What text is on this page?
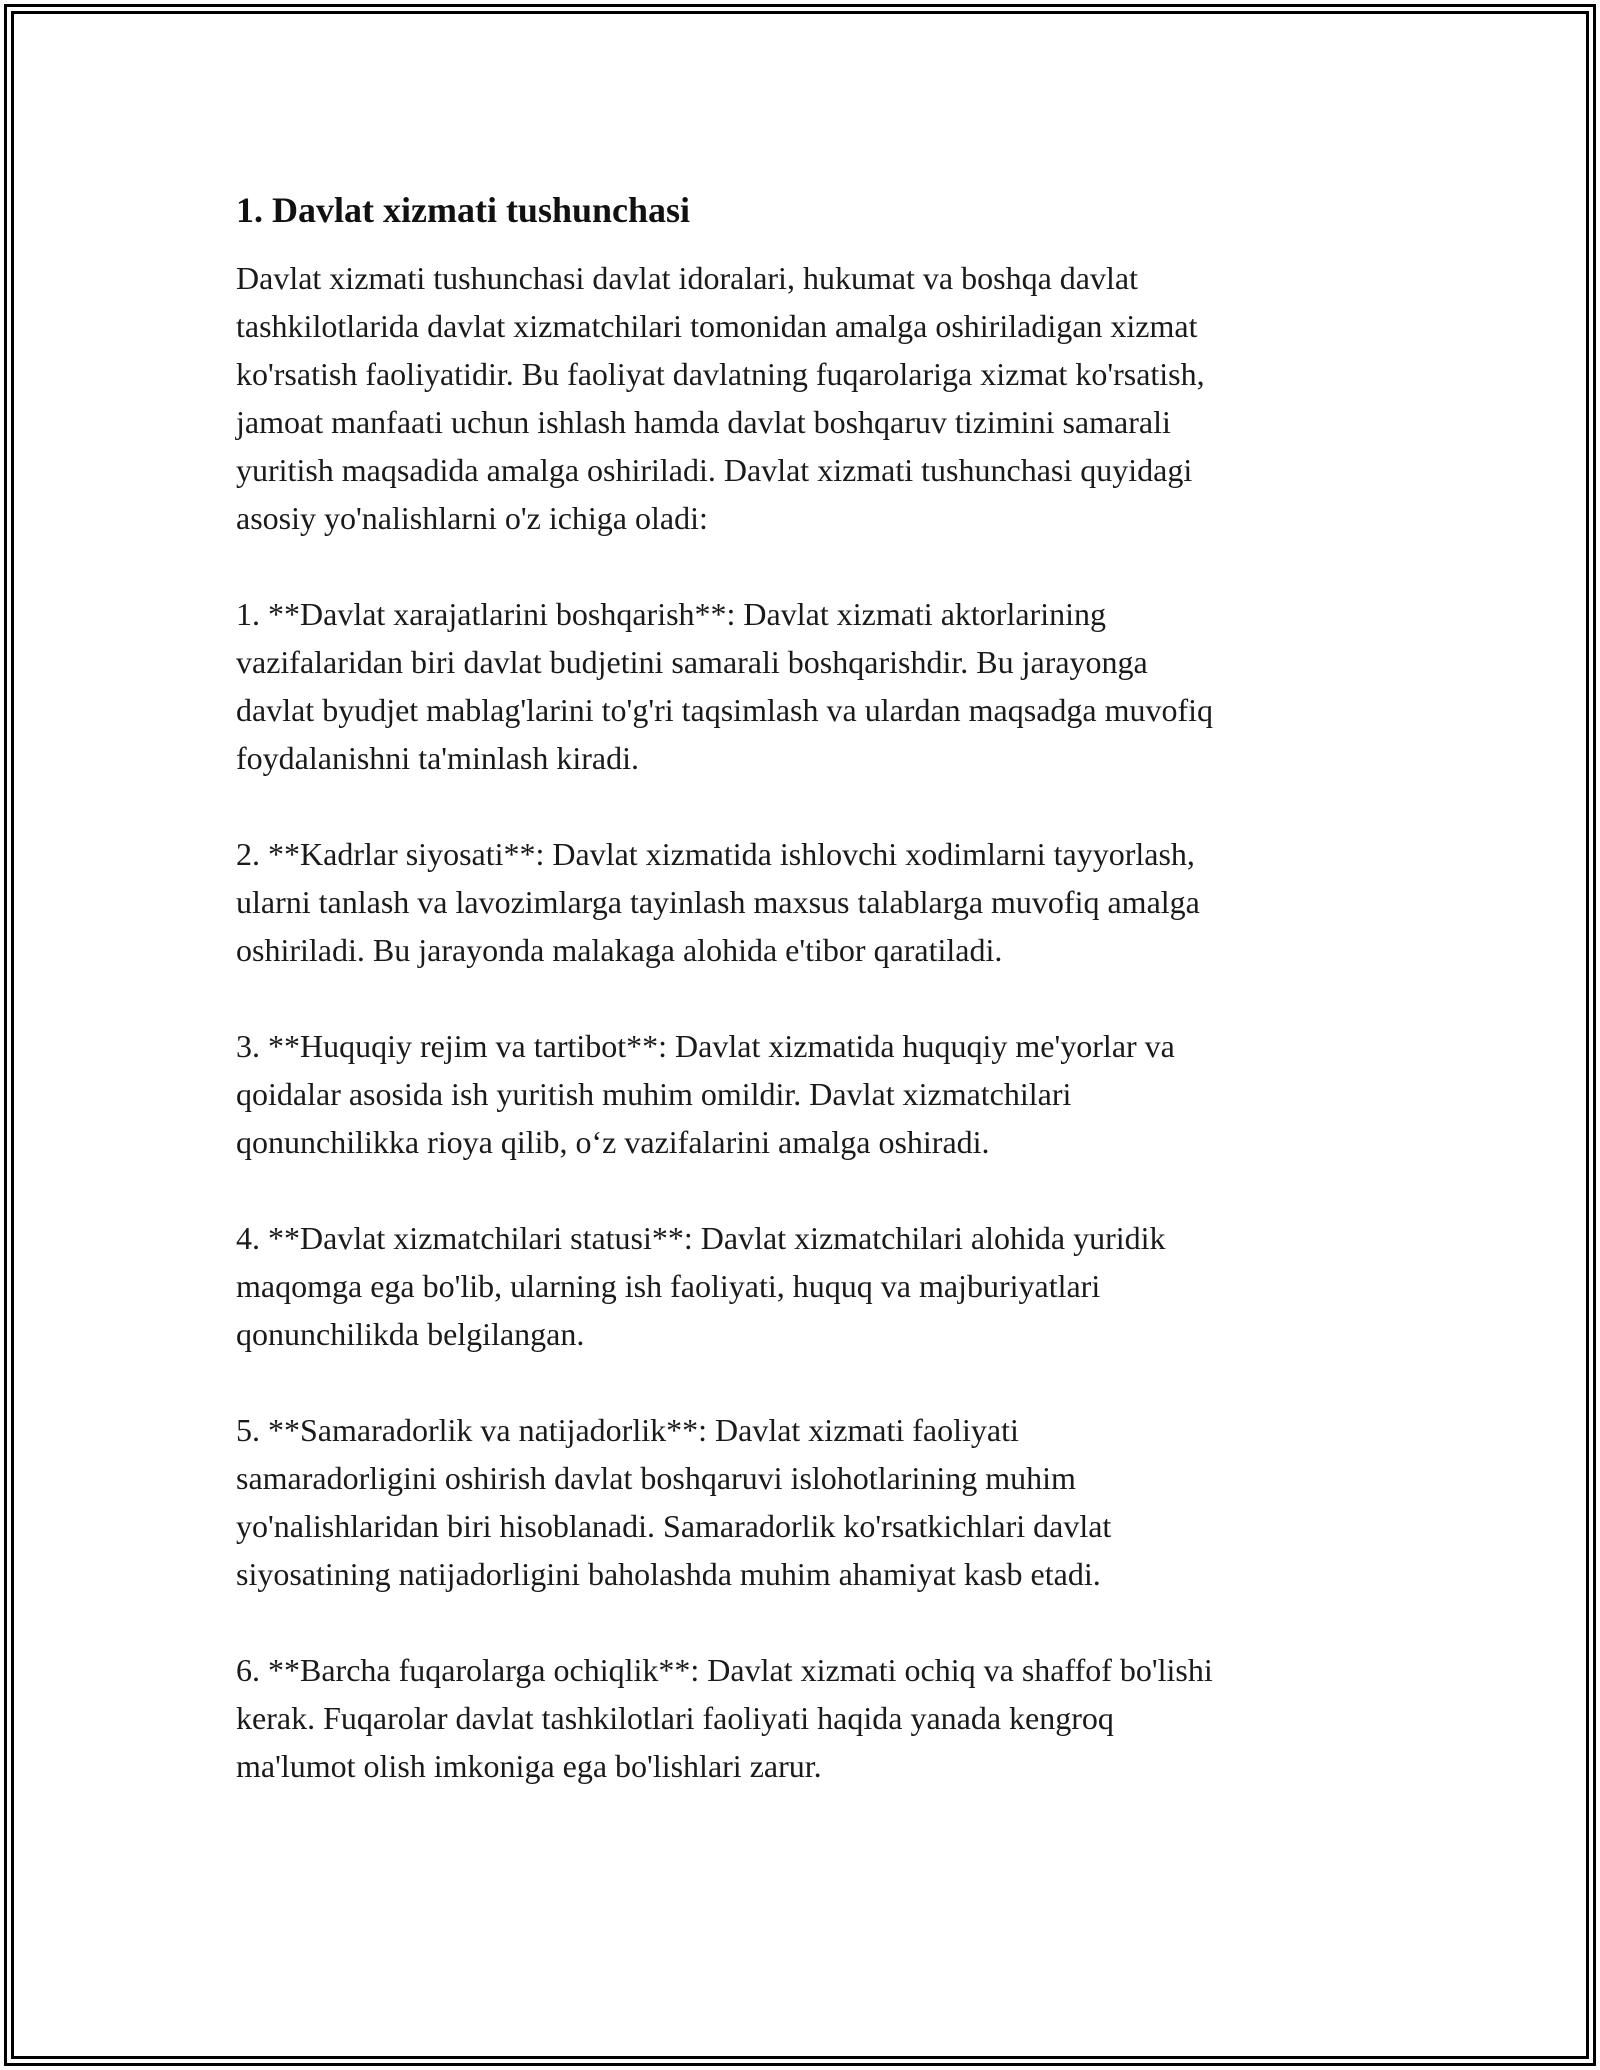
1. Davlat xizmati tushunchasi

Davlat xizmati tushunchasi davlat idoralari, hukumat va boshqa davlat
tashkilotlarida davlat xizmatchilari tomonidan amalga oshiriladigan xizmat
ko'rsatish faoliyatidir. Bu faoliyat davlatning fuqarolariga xizmat ko'rsatish,
jamoat manfaati uchun ishlash hamda davlat boshqaruv tizimini samarali
yuritish maqsadida amalga oshiriladi. Davlat xizmati tushunchasi quyidagi
asosiy yo'nalishlarni o'z ichiga oladi:

1. **Davlat xarajatlarini boshqarish**: Davlat xizmati aktorlarining
vazifalaridan biri davlat budjetini samarali boshqarishdir. Bu jarayonga
davlat byudjet mablag'larini to'g'ri taqsimlash va ulardan maqsadga muvofiq
foydalanishni ta'minlash kiradi.

2. **Kadrlar siyosati**: Davlat xizmatida ishlovchi xodimlarni tayyorlash,
ularni tanlash va lavozimlarga tayinlash maxsus talablarga muvofiq amalga
oshiriladi. Bu jarayonda malakaga alohida e'tibor qaratiladi.

3. **Huquqiy rejim va tartibot**: Davlat xizmatida huquqiy me'yorlar va
qoidalar asosida ish yuritish muhim omildir. Davlat xizmatchilari
qonunchilikka rioya qilib, o‘z vazifalarini amalga oshiradi.

4. **Davlat xizmatchilari statusi**: Davlat xizmatchilari alohida yuridik
maqomga ega bo'lib, ularning ish faoliyati, huquq va majburiyatlari
qonunchilikda belgilangan.

5. **Samaradorlik va natijadorlik**: Davlat xizmati faoliyati
samaradorligini oshirish davlat boshqaruvi islohotlarining muhim
yo'nalishlaridan biri hisoblanadi. Samaradorlik ko'rsatkichlari davlat
siyosatining natijadorligini baholashda muhim ahamiyat kasb etadi.

6. **Barcha fuqarolarga ochiqlik**: Davlat xizmati ochiq va shaffof bo'lishi
kerak. Fuqarolar davlat tashkilotlari faoliyati haqida yanada kengroq
ma'lumot olish imkoniga ega bo'lishlari zarur.
